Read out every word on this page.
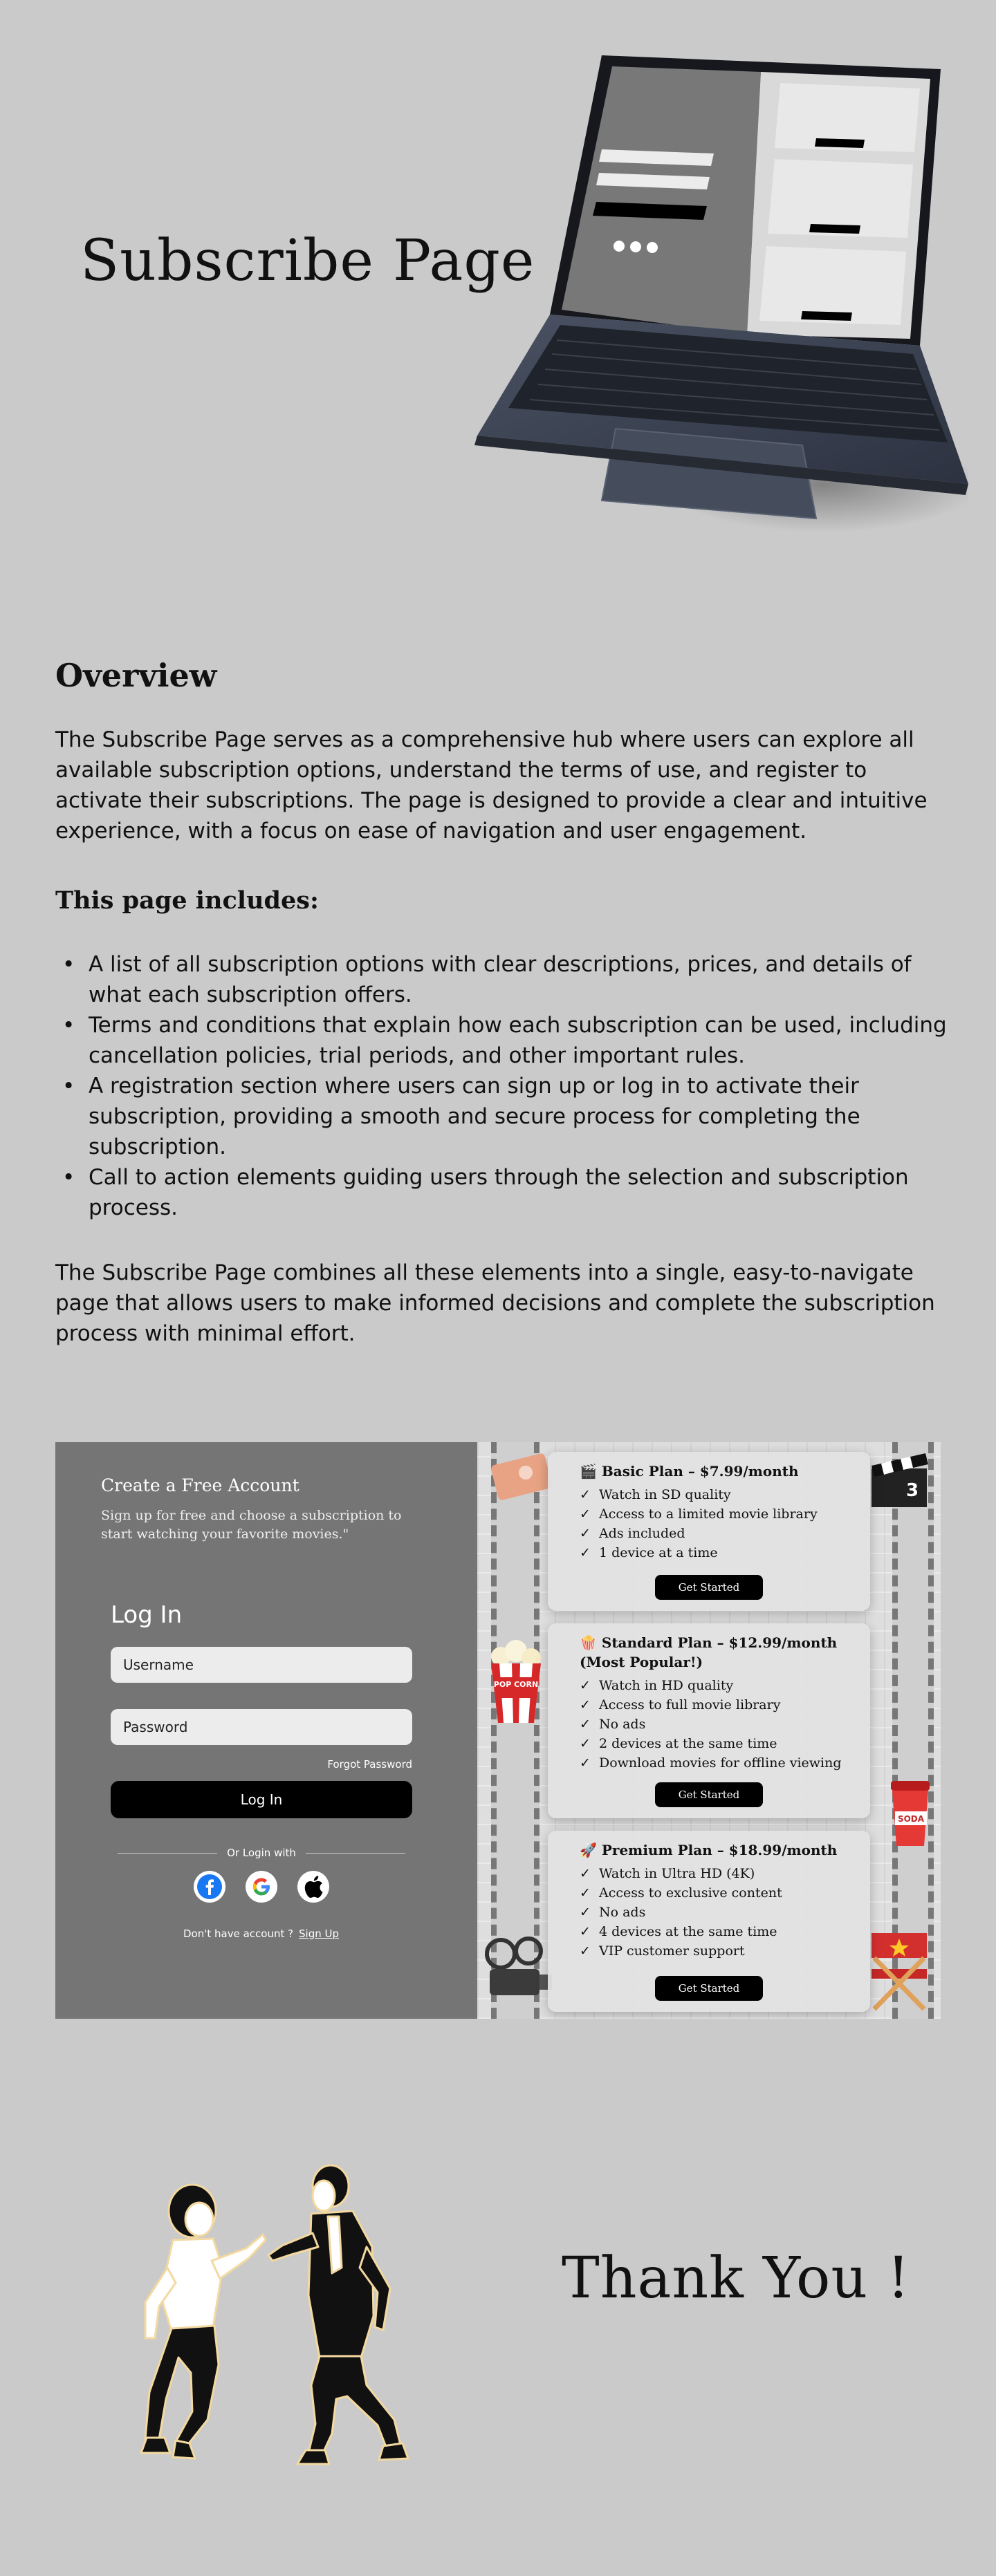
Subscribe Page
Overview

The Subscribe Page serves as a comprehensive hub where users can explore all available subscription options, understand the terms of use, and register to activate their subscriptions. The page is designed to provide a clear and intuitive experience, with a focus on ease of navigation and user engagement.

This page includes:
• A list of all subscription options with clear descriptions, prices, and details of what each subscription offers.
• Terms and conditions that explain how each subscription can be used, including cancellation policies, trial periods, and other important rules.
• A registration section where users can sign up or log in to activate their subscription, providing a smooth and secure process for completing the subscription.
• Call to action elements guiding users through the selection and subscription process.

The Subscribe Page combines all these elements into a single, easy-to-navigate page that allows users to make informed decisions and complete the subscription process with minimal effort.

Create a Free Account
Sign up for free and choose a subscription to start watching your favorite movies."
Log In
Username
Forgot Password
Log In
Or Login with
Don't have account ? Sign Up
3
POP CORN
SODA
🎬 Basic Plan – $7.99/month
✓ Watch in SD quality
✓ Access to a limited movie library
✓ Ads included
✓ 1 device at a time
Get Started
🍿 Standard Plan – $12.99/month (Most Popular!)
✓ Watch in HD quality
✓ Access to full movie library
✓ No ads
✓ 2 devices at the same time
✓ Download movies for offline viewing
Get Started
🚀 Premium Plan – $18.99/month
✓ Watch in Ultra HD (4K)
✓ Access to exclusive content
✓ No ads
✓ 4 devices at the same time
✓ VIP customer support
Get Started
Thank You !
